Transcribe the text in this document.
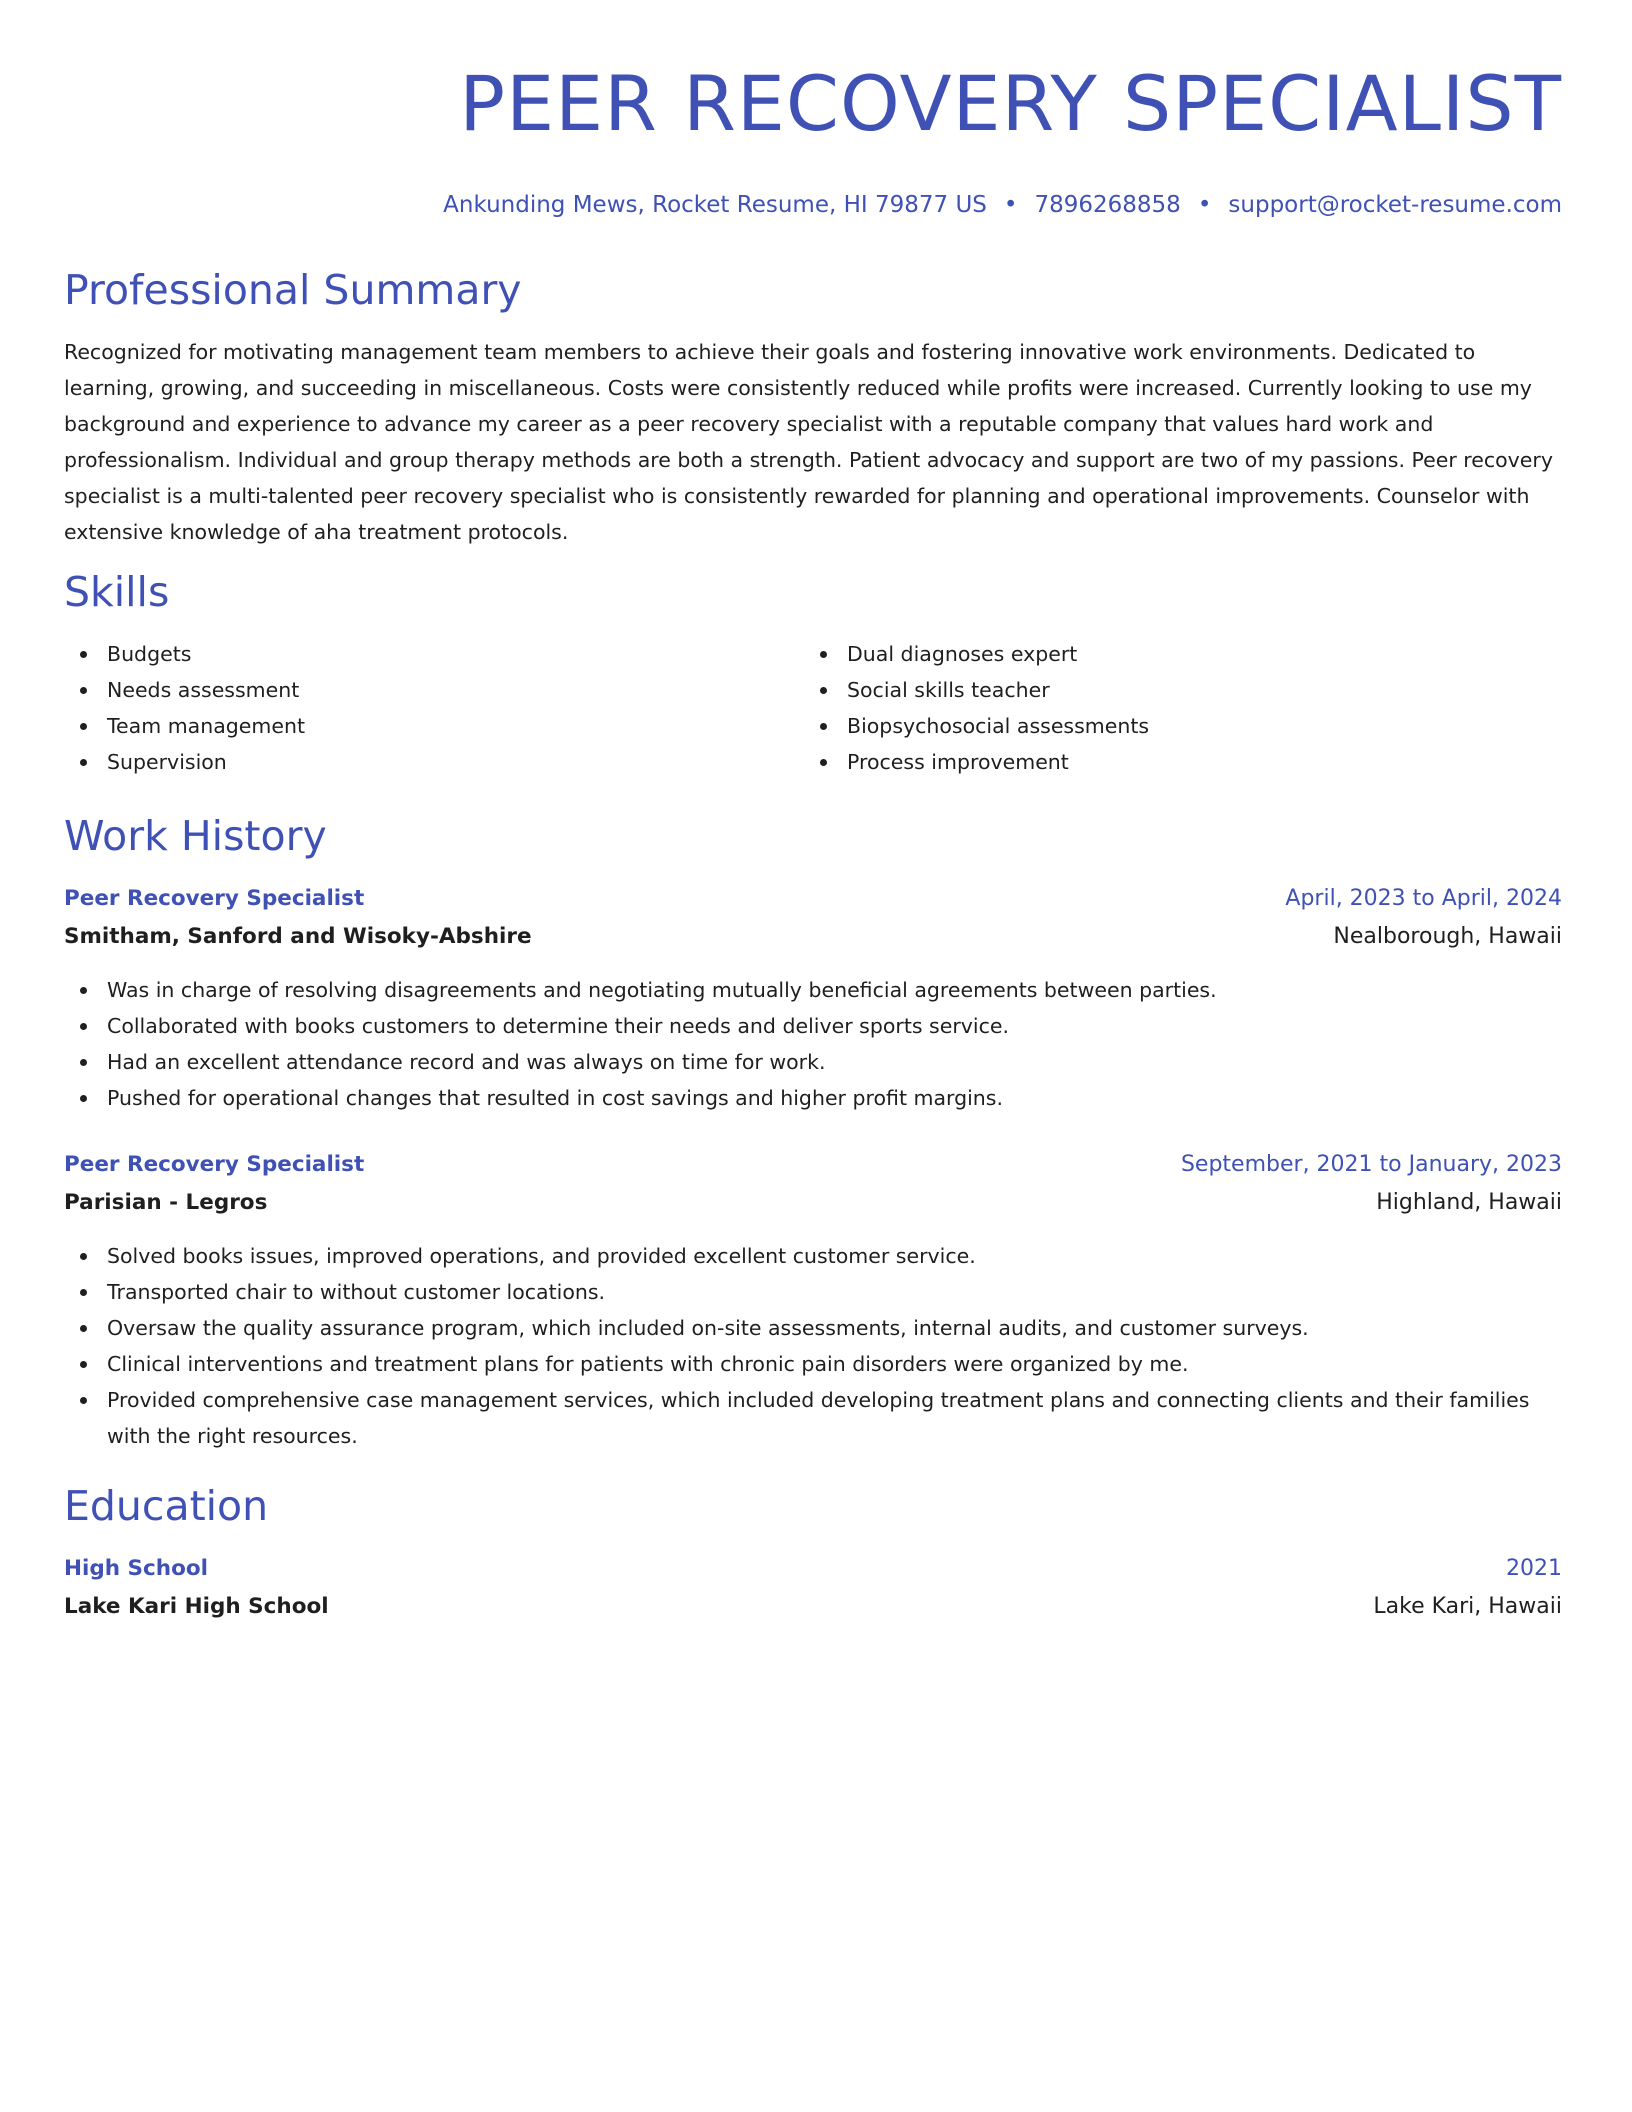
PEER RECOVERY SPECIALIST
Ankunding Mews, Rocket Resume, HI 79877 US • 7896268858 • support@rocket-resume.com
Professional Summary
Recognized for motivating management team members to achieve their goals and fostering innovative work environments. Dedicated to learning, growing, and succeeding in miscellaneous. Costs were consistently reduced while profits were increased. Currently looking to use my background and experience to advance my career as a peer recovery specialist with a reputable company that values hard work and professionalism. Individual and group therapy methods are both a strength. Patient advocacy and support are two of my passions. Peer recovery specialist is a multi-talented peer recovery specialist who is consistently rewarded for planning and operational improvements. Counselor with extensive knowledge of aha treatment protocols.
Skills
Budgets
Needs assessment
Team management
Supervision
Dual diagnoses expert
Social skills teacher
Biopsychosocial assessments
Process improvement
Work History
Peer Recovery Specialist	April, 2023 to April, 2024
Smitham, Sanford and Wisoky-Abshire	Nealborough, Hawaii
Was in charge of resolving disagreements and negotiating mutually beneficial agreements between parties.
Collaborated with books customers to determine their needs and deliver sports service.
Had an excellent attendance record and was always on time for work.
Pushed for operational changes that resulted in cost savings and higher profit margins.
Peer Recovery Specialist	September, 2021 to January, 2023
Parisian - Legros	Highland, Hawaii
Solved books issues, improved operations, and provided excellent customer service.
Transported chair to without customer locations.
Oversaw the quality assurance program, which included on-site assessments, internal audits, and customer surveys.
Clinical interventions and treatment plans for patients with chronic pain disorders were organized by me.
Provided comprehensive case management services, which included developing treatment plans and connecting clients and their families with the right resources.
Education
High School	2021
Lake Kari High School	Lake Kari, Hawaii
